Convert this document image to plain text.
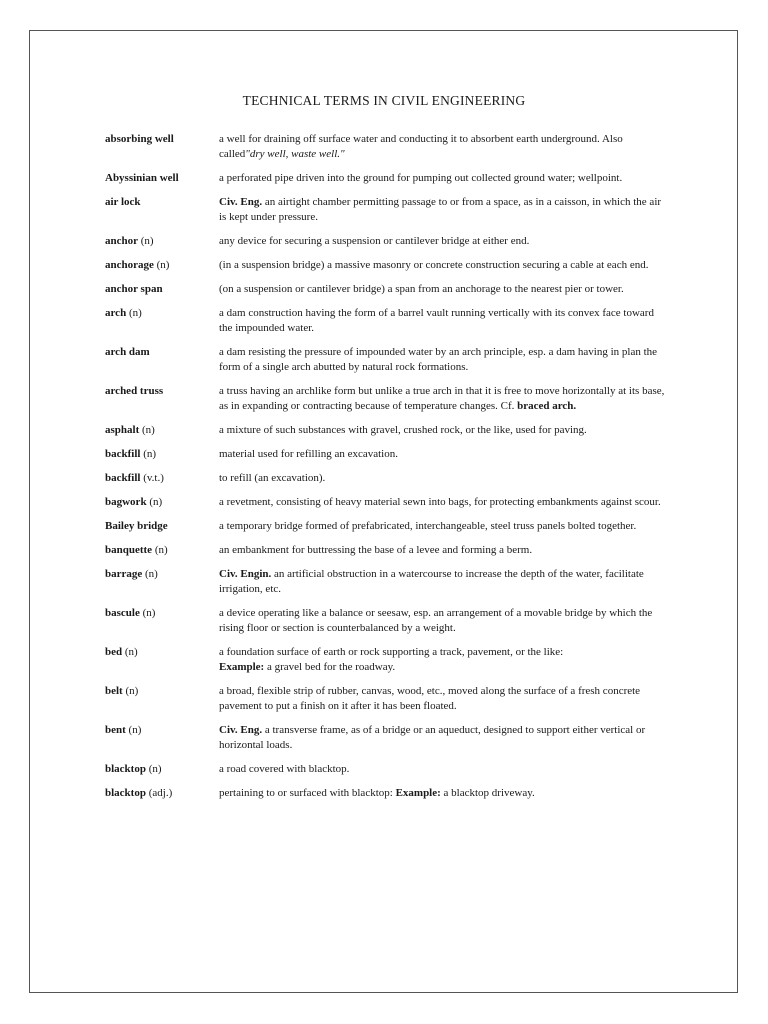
TECHNICAL TERMS IN CIVIL ENGINEERING
absorbing well	a well for draining off surface water and conducting it to absorbent earth underground. Also called"dry well, waste well."
Abyssinian well	a perforated pipe driven into the ground for pumping out collected ground water; wellpoint.
air lock	Civ. Eng. an airtight chamber permitting passage to or from a space, as in a caisson, in which the air is kept under pressure.
anchor (n)	any device for securing a suspension or cantilever bridge at either end.
anchorage (n)	(in a suspension bridge) a massive masonry or concrete construction securing a cable at each end.
anchor span	(on a suspension or cantilever bridge) a span from an anchorage to the nearest pier or tower.
arch (n)	a dam construction having the form of a barrel vault running vertically with its convex face toward the impounded water.
arch dam	a dam resisting the pressure of impounded water by an arch principle, esp. a dam having in plan the form of a single arch abutted by natural rock formations.
arched truss	a truss having an archlike form but unlike a true arch in that it is free to move horizontally at its base, as in expanding or contracting because of temperature changes. Cf. braced arch.
asphalt (n)	a mixture of such substances with gravel, crushed rock, or the like, used for paving.
backfill (n)	material used for refilling an excavation.
backfill (v.t.)	to refill (an excavation).
bagwork (n)	a revetment, consisting of heavy material sewn into bags, for protecting embankments against scour.
Bailey bridge	a temporary bridge formed of prefabricated, interchangeable, steel truss panels bolted together.
banquette (n)	an embankment for buttressing the base of a levee and forming a berm.
barrage (n)	Civ. Engin. an artificial obstruction in a watercourse to increase the depth of the water, facilitate irrigation, etc.
bascule (n)	a device operating like a balance or seesaw, esp. an arrangement of a movable bridge by which the rising floor or section is counterbalanced by a weight.
bed (n)	a foundation surface of earth or rock supporting a track, pavement, or the like:
Example: a gravel bed for the roadway.
belt (n)	a broad, flexible strip of rubber, canvas, wood, etc., moved along the surface of a fresh concrete pavement to put a finish on it after it has been floated.
bent (n)	Civ. Eng. a transverse frame, as of a bridge or an aqueduct, designed to support either vertical or horizontal loads.
blacktop (n)	a road covered with blacktop.
blacktop (adj.)	pertaining to or surfaced with blacktop: Example: a blacktop driveway.
